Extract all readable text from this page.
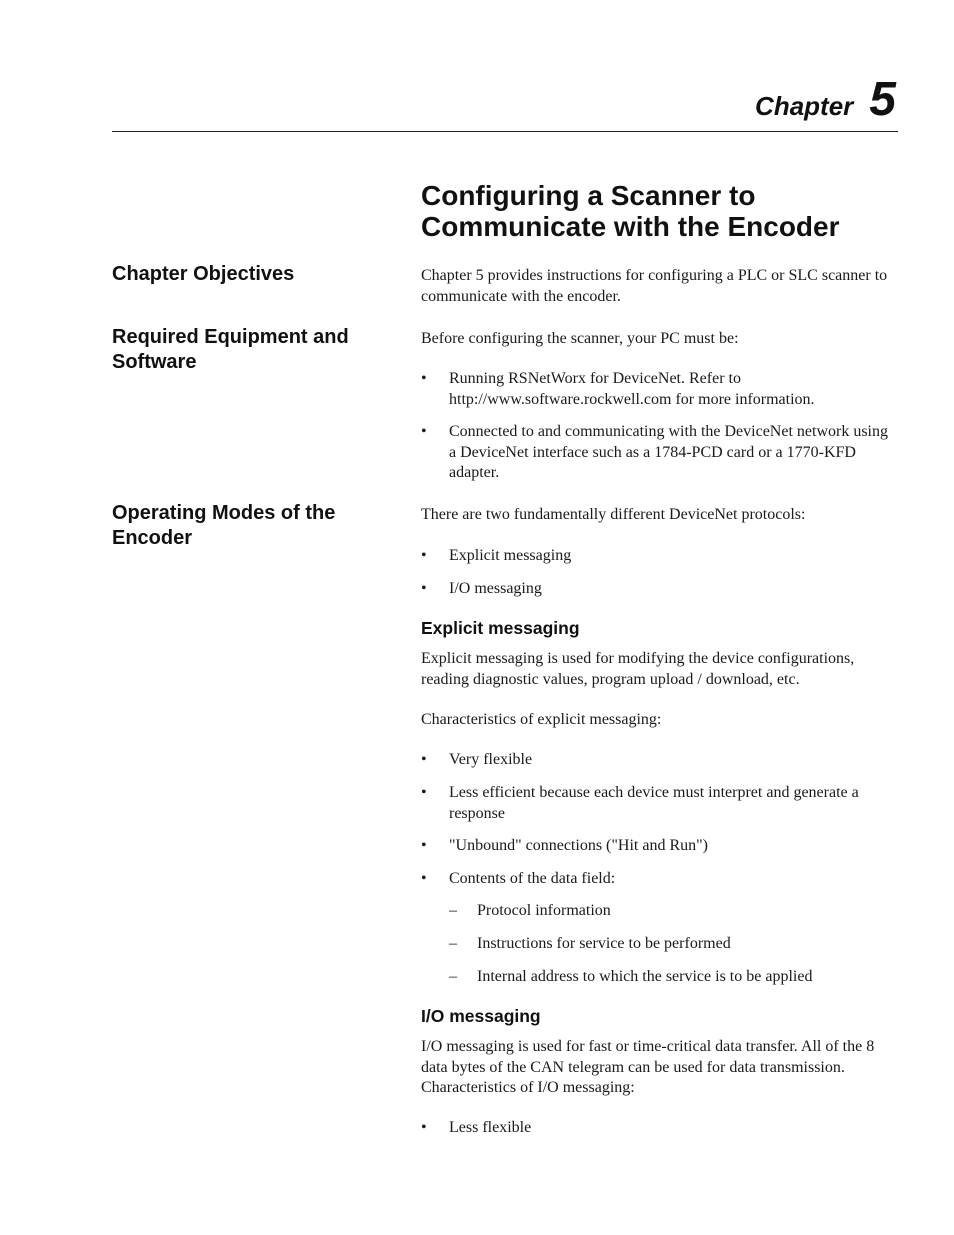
Chapter 5
Configuring a Scanner to Communicate with the Encoder
Chapter Objectives	Chapter 5 provides instructions for configuring a PLC or SLC scanner to communicate with the encoder.

Required Equipment and Software

Before configuring the scanner, your PC must be:

• Running RSNetWorx for DeviceNet. Refer to http://www.software.rockwell.com for more information.
• Connected to and communicating with the DeviceNet network using a DeviceNet interface such as a 1784-PCD card or a 1770-KFD adapter.
Operating Modes of the Encoder

There are two fundamentally different DeviceNet protocols:

• Explicit messaging
• I/O messaging
Explicit messaging

Explicit messaging is used for modifying the device configurations, reading diagnostic values, program upload / download, etc.

Characteristics of explicit messaging:

• Very flexible
• Less efficient because each device must interpret and generate a response
• "Unbound" connections ("Hit and Run")
• Contents of the data field:
– Protocol information
– Instructions for service to be performed
– Internal address to which the service is to be applied
I/O messaging

I/O messaging is used for fast or time-critical data transfer. All of the 8 data bytes of the CAN telegram can be used for data transmission. Characteristics of I/O messaging:

• Less flexible
